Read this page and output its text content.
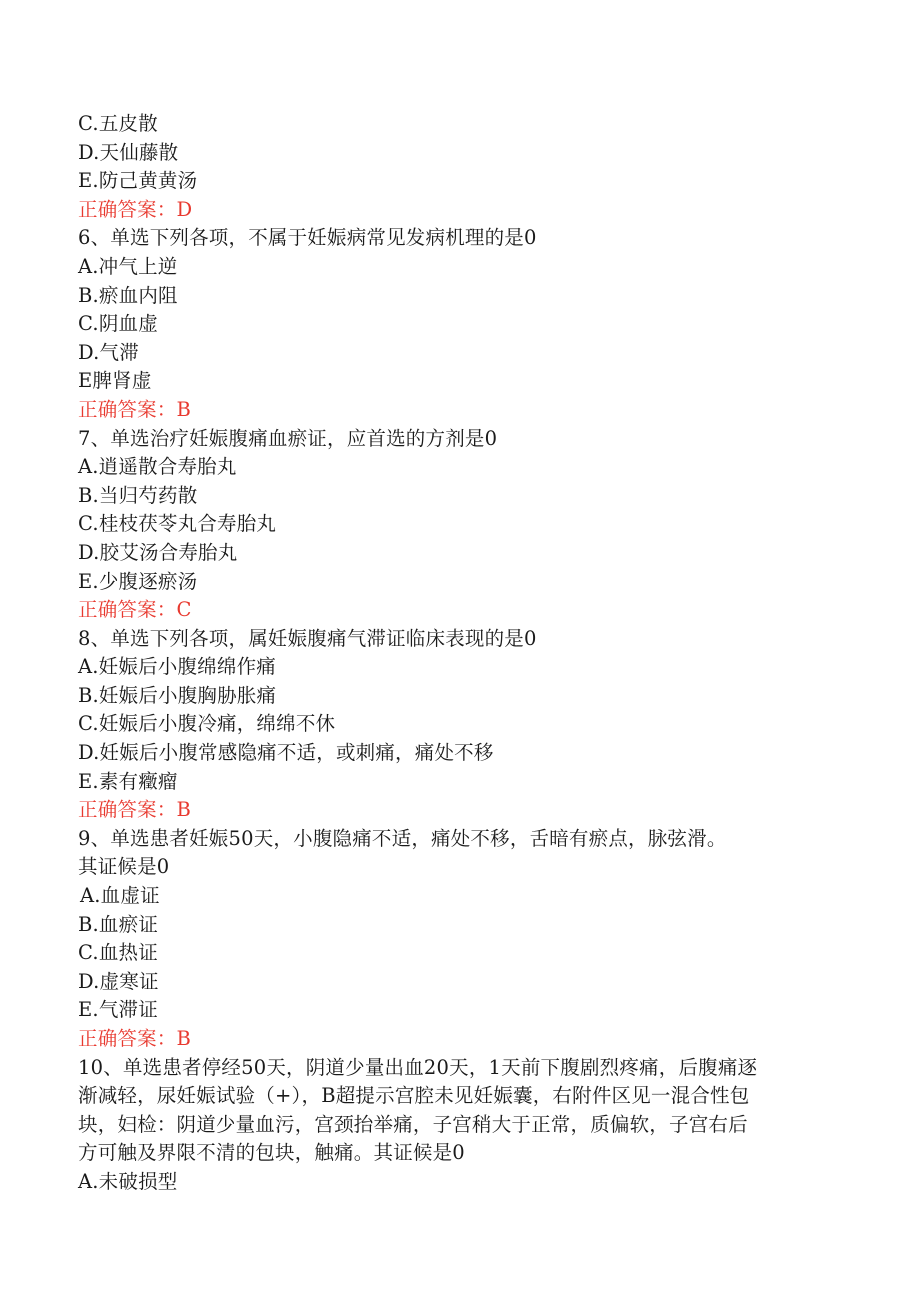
C.五皮散
D.天仙藤散
E.防己黄黄汤
正确答案：D
6、单选下列各项，不属于妊娠病常见发病机理的是0
A.冲气上逆
B.瘀血内阻
C.阴血虚
D.气滞
E脾肾虚
正确答案：B
7、单选治疗妊娠腹痛血瘀证，应首选的方剂是0
A.逍遥散合寿胎丸
B.当归芍药散
C.桂枝茯苓丸合寿胎丸
D.胶艾汤合寿胎丸
E.少腹逐瘀汤
正确答案：C
8、单选下列各项，属妊娠腹痛气滞证临床表现的是0
A.妊娠后小腹绵绵作痛
B.妊娠后小腹胸胁胀痛
C.妊娠后小腹冷痛，绵绵不休
D.妊娠后小腹常感隐痛不适，或刺痛，痛处不移
E.素有癥瘤
正确答案：B
9、单选患者妊娠50天，小腹隐痛不适，痛处不移，舌暗有瘀点，脉弦滑。
其证候是0
A.血虚证
B.血瘀证
C.血热证
D.虚寒证
E.气滞证
正确答案：B
10、单选患者停经50天，阴道少量出血20天，1天前下腹剧烈疼痛，后腹痛逐
渐减轻，尿妊娠试验（+），B超提示宫腔未见妊娠囊，右附件区见一混合性包
块，妇检：阴道少量血污，宫颈抬举痛，子宫稍大于正常，质偏软，子宫右后
方可触及界限不清的包块，触痛。其证候是0
A.未破损型
